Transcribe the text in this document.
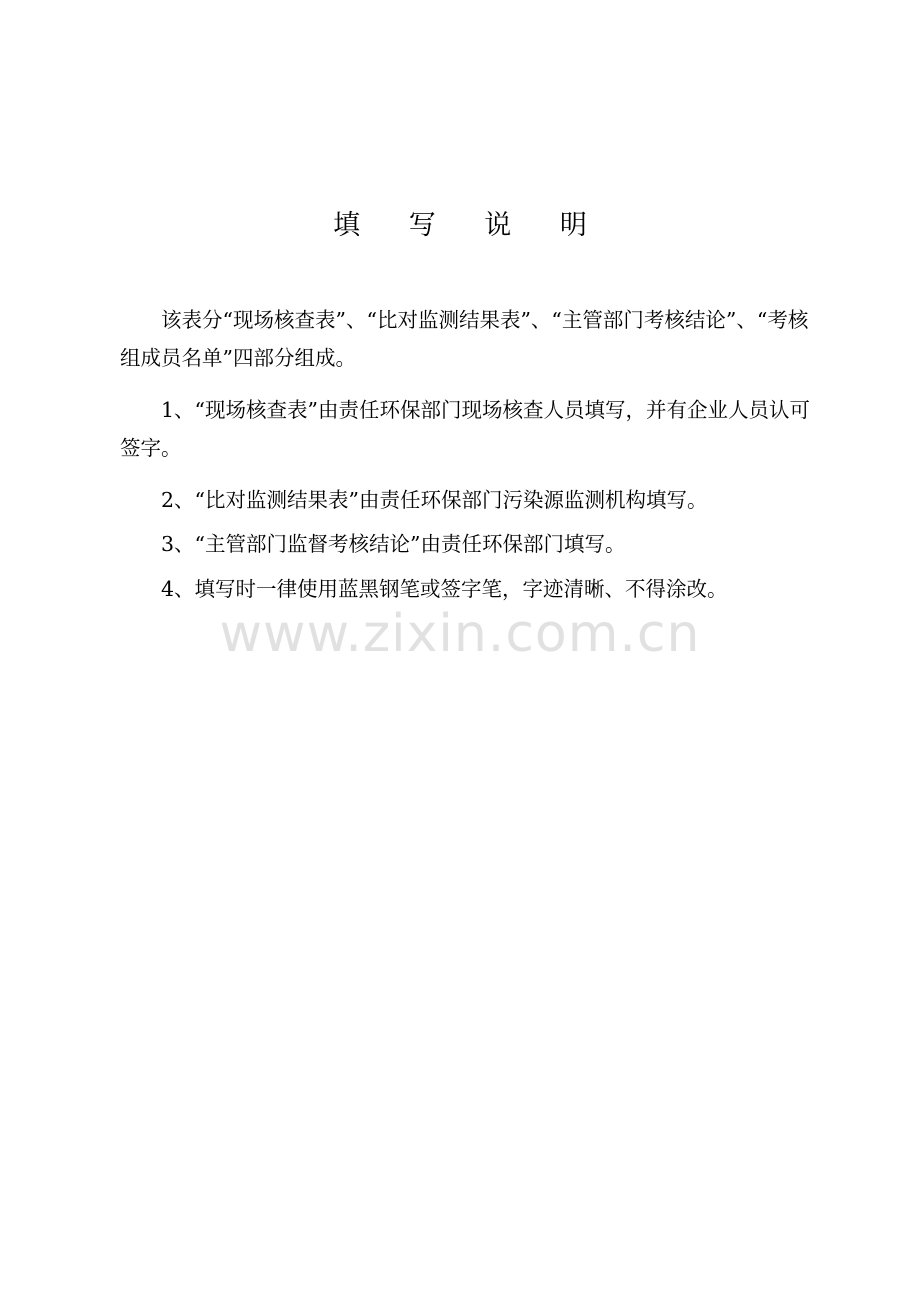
填 写 说 明

该表分“现场核查表”、“比对监测结果表”、“主管部门考核结论”、“考核组成员名单”四部分组成。

1、“现场核查表”由责任环保部门现场核查人员填写，并有企业人员认可签字。

2、“比对监测结果表”由责任环保部门污染源监测机构填写。

3、“主管部门监督考核结论”由责任环保部门填写。

4、填写时一律使用蓝黑钢笔或签字笔，字迹清晰、不得涂改。

www.zixin.com.cn
